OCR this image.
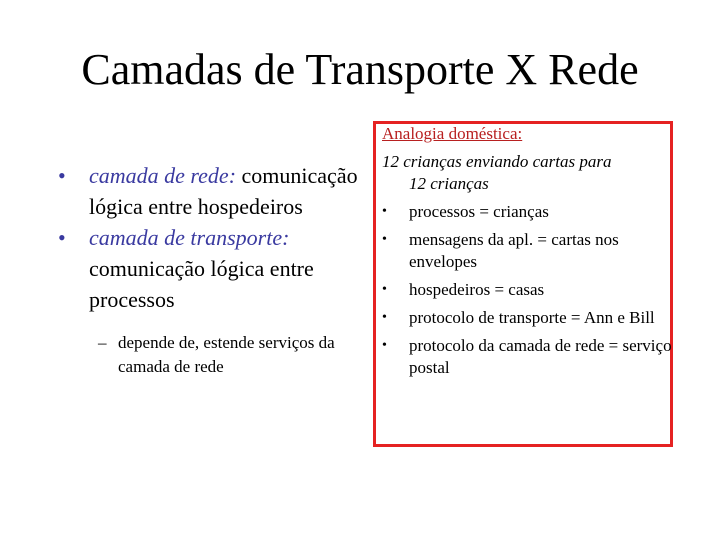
Camadas de Transporte X Rede
• camada de rede: comunicação lógica entre hospedeiros
• camada de transporte: comunicação lógica entre processos
– depende de, estende serviços da camada de rede
Analogia doméstica:
12 crianças enviando cartas para
12 crianças
• processos = crianças
• mensagens da apl. = cartas nos envelopes
• hospedeiros = casas
• protocolo de transporte = Ann e Bill
• protocolo da camada de rede = serviço postal
